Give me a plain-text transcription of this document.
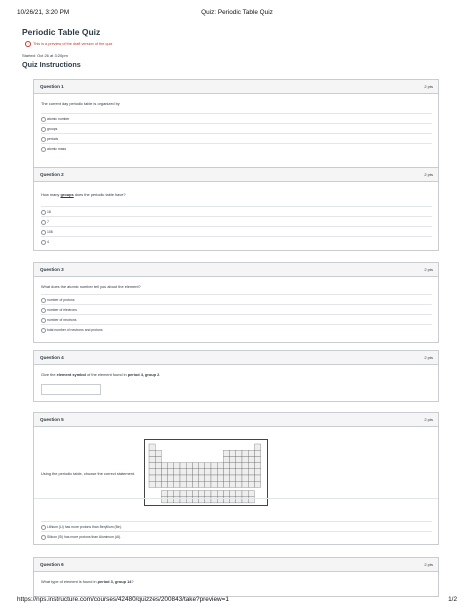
10/26/21, 3:20 PM	Quiz: Periodic Table Quiz
Periodic Table Quiz
!	This is a preview of the draft version of the quiz
Started: Oct 26 at 3:20pm
Quiz Instructions
Question 1	2 pts
The current day periodic table is organized by
atomic number
groups
periods
atomic mass
Question 2	2 pts
How many groups does the periodic table have?
18
7
108
4
Question 3	2 pts
What does the atomic number tell you about the element?
number of protons
number of electrons
number of neutrons
total number of neutrons and protons
Question 4	2 pts
Give the element symbol of the element found in period 4, group 2.
Question 5	2 pts
Using the periodic table, choose the correct statement.
Lithium (Li) has more protons than Beryllium (Be).
Silicon (Si) has more protons than Aluminum (Al).
Question 6	2 pts
What type of element is found in period 3, group 14?
https://nps.instructure.com/courses/42480/quizzes/200843/take?preview=1	1/2
